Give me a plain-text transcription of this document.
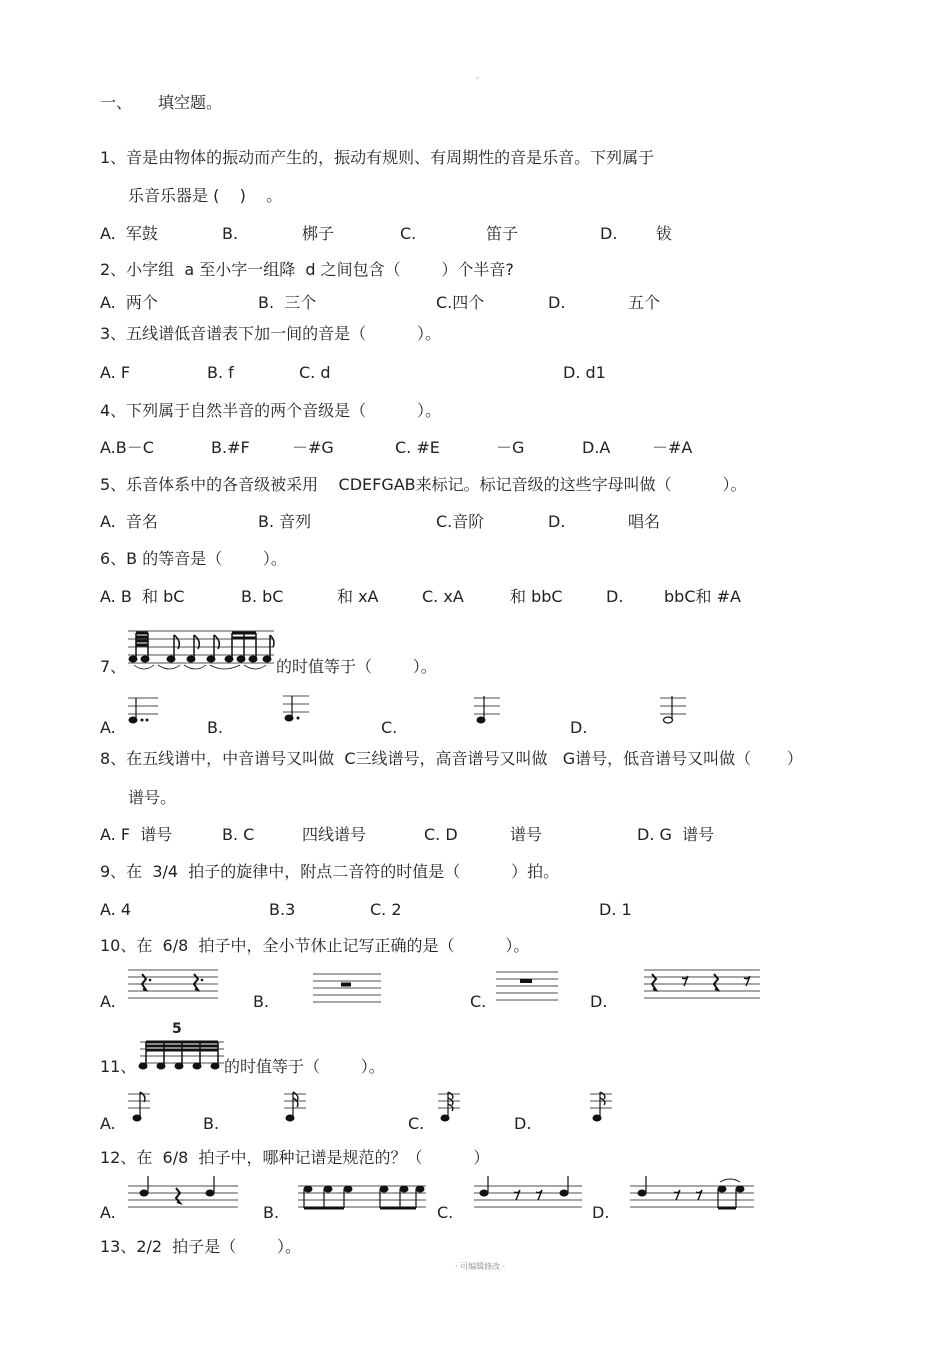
。
一、 填空题。
1、音是由物体的振动而产生的，振动有规则、有周期性的音是乐音。下列属于
乐音乐器是 (    )    。
A.  军鼓	B.	梆子	C.	笛子	D. 钹
2、小字组  a 至小字一组降  d 之间包含（        ）个半音?
A.  两个	B.  三个	C.四个	D.	五个
3、五线谱低音谱表下加一间的音是（          ）。
A. F	B. f	C. d	D. d1
4、下列属于自然半音的两个音级是（          ）。
A.B－C	B.#F	－#G	C. #E	－G	D.A	－#A
5、乐音体系中的各音级被采用    CDEFGAB来标记。标记音级的这些字母叫做（          ）。
A.  音名	B. 音列	C.音阶	D.	唱名
6、B 的等音是（        ）。
A. B  和 bC	B. bC	和 xA	C. xA	和 bbC	D.	bbC和 #A
7、	的时值等于（        ）。
A.	B.	C.	D.
8、在五线谱中，中音谱号又叫做  C三线谱号，高音谱号又叫做   G谱号，低音谱号又叫做（       ）
谱号。
A. F  谱号	B. C	四线谱号	C. D	谱号	D. G  谱号
9、在  3/4  拍子的旋律中，附点二音符的时值是（          ）拍。
A. 4	B.3	C. 2	D. 1
10、在  6/8  拍子中，全小节休止记写正确的是（          ）。
A.	B.	C.	D.
11、
5
的时值等于（        ）。
A.	B.	C.	D.
12、在  6/8  拍子中，哪种记谱是规范的？（          ）
A.	B.	C.	D.
13、2/2  拍子是（        ）。
· 可编辑修改 ·
